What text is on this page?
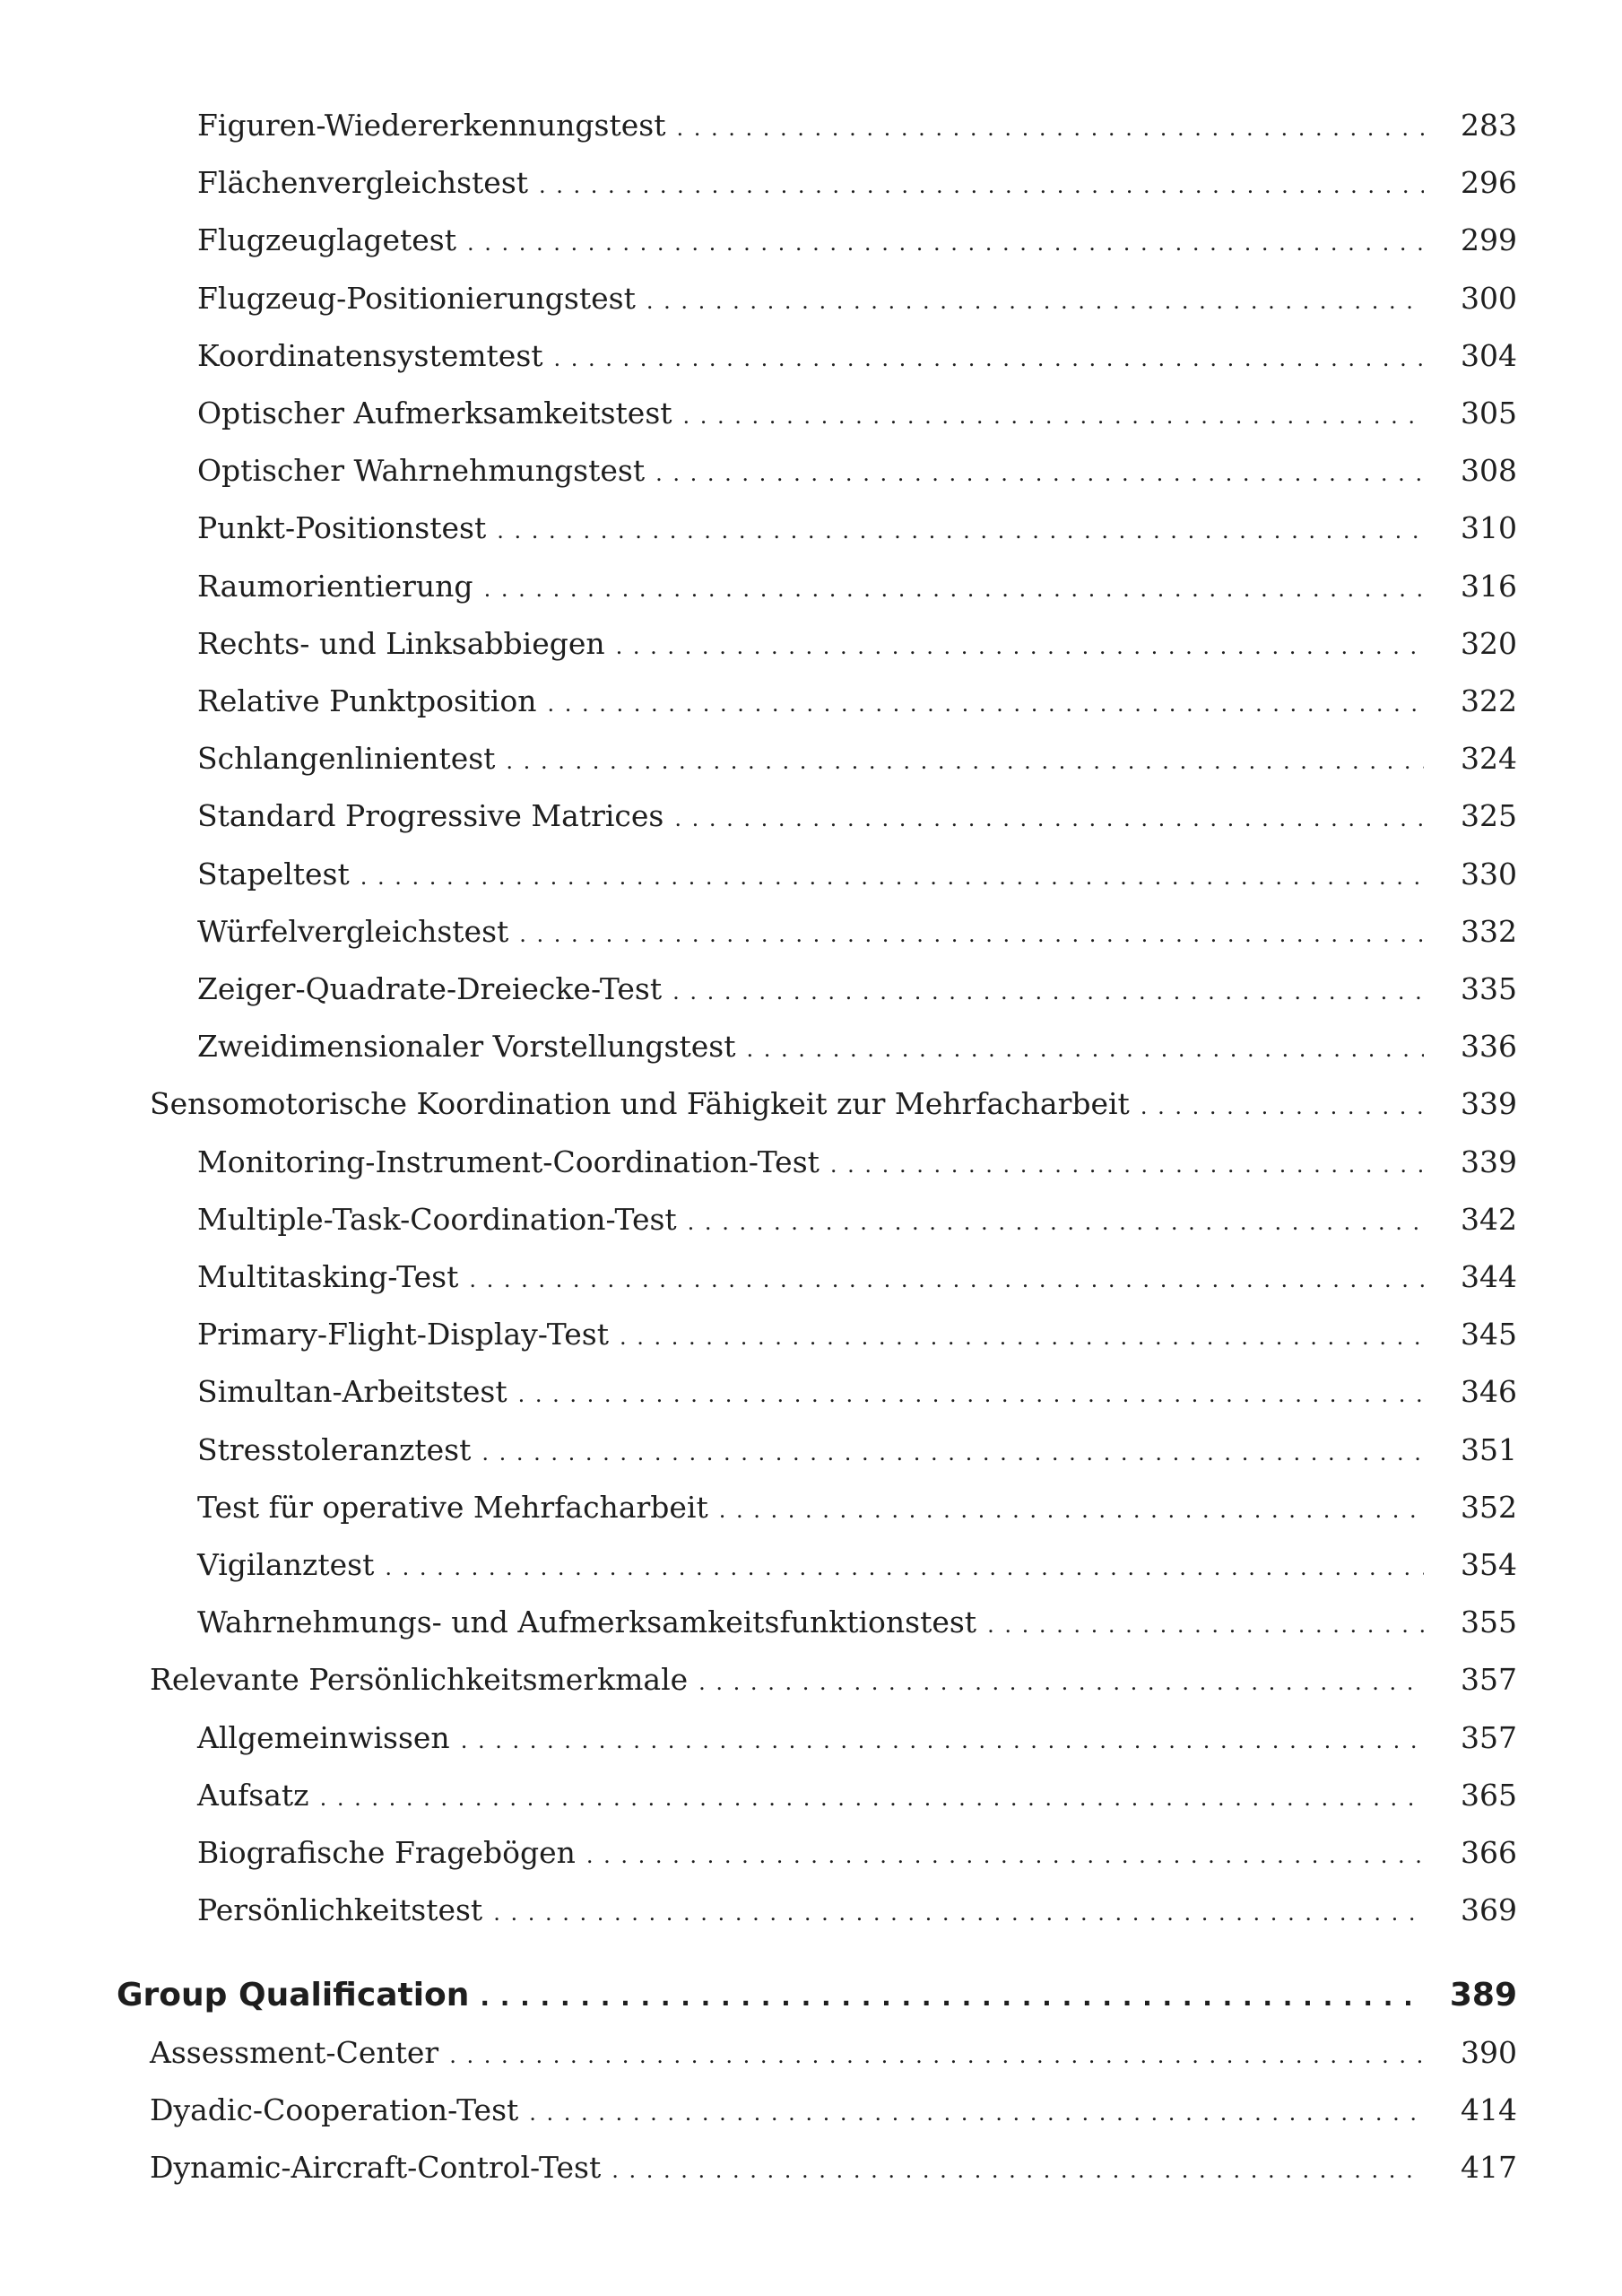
Figuren-Wiedererkennungstest . . .	283
Flächenvergleichstest . . .	296
Flugzeuglagetest . . .	299
Flugzeug-Positionierungstest . . .	300
Koordinatensystemtest . . .	304
Optischer Aufmerksamkeitstest . . .	305
Optischer Wahrnehmungstest . . .	308
Punkt-Positionstest . . .	310
Raumorientierung . . .	316
Rechts- und Linksabbiegen . . .	320
Relative Punktposition . . .	322
Schlangenlinientest . . .	324
Standard Progressive Matrices . . .	325
Stapeltest . . .	330
Würfelvergleichstest . . .	332
Zeiger-Quadrate-Dreiecke-Test . . .	335
Zweidimensionaler Vorstellungstest . . .	336
Sensomotorische Koordination und Fähigkeit zur Mehrfacharbeit . . .	339
Monitoring-Instrument-Coordination-Test . . .	339
Multiple-Task-Coordination-Test . . .	342
Multitasking-Test . . .	344
Primary-Flight-Display-Test . . .	345
Simultan-Arbeitstest . . .	346
Stresstoleranztest . . .	351
Test für operative Mehrfacharbeit . . .	352
Vigilanztest . . .	354
Wahrnehmungs- und Aufmerksamkeitsfunktionstest . . .	355
Relevante Persönlichkeitsmerkmale . . .	357
Allgemeinwissen . . .	357
Aufsatz . . .	365
Biografische Fragebögen . . .	366
Persönlichkeitstest . . .	369
Group Qualification . . .	389
Assessment-Center . . .	390
Dyadic-Cooperation-Test . . .	414
Dynamic-Aircraft-Control-Test . . .	417
